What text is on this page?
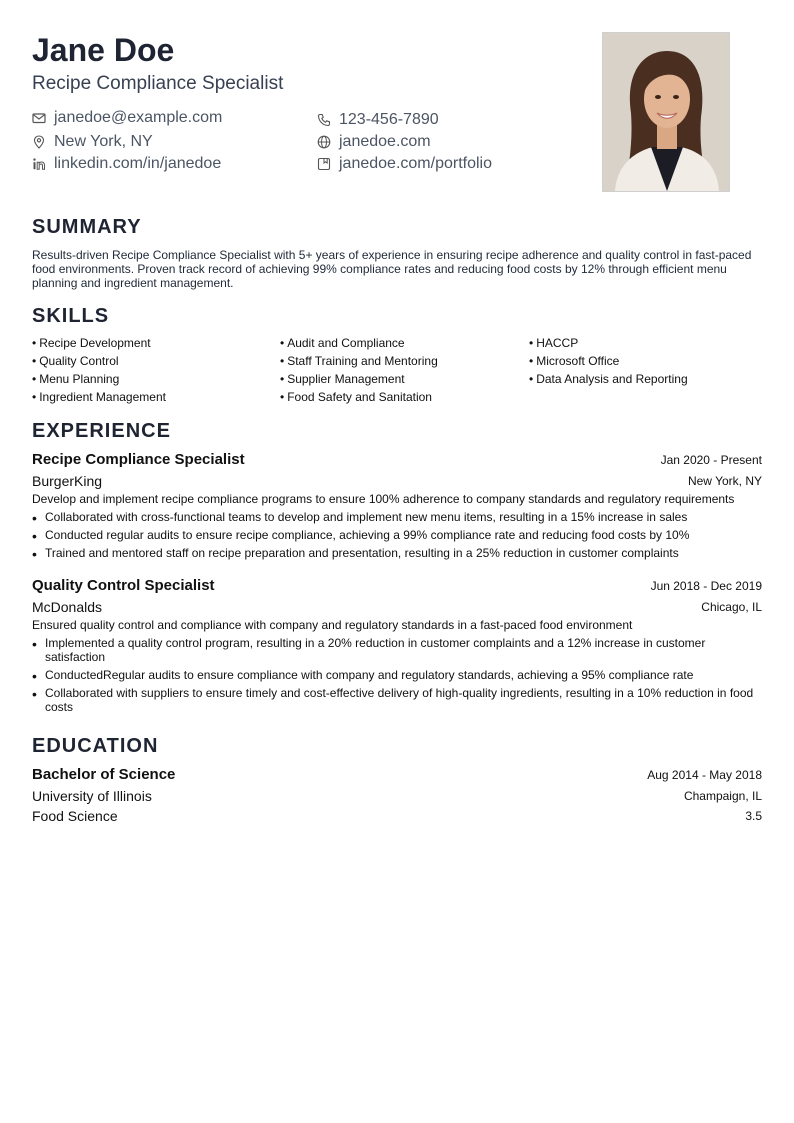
Jane Doe
Recipe Compliance Specialist
janedoe@example.com	123-456-7890
New York, NY	janedoe.com
linkedin.com/in/janedoe	janedoe.com/portfolio
SUMMARY
Results-driven Recipe Compliance Specialist with 5+ years of experience in ensuring recipe adherence and quality control in fast-paced food environments. Proven track record of achieving 99% compliance rates and reducing food costs by 12% through efficient menu planning and ingredient management.
SKILLS
• Recipe Development
• Quality Control
• Menu Planning
• Ingredient Management
• Audit and Compliance
• Staff Training and Mentoring
• Supplier Management
• Food Safety and Sanitation
• HACCP
• Microsoft Office
• Data Analysis and Reporting
EXPERIENCE
Recipe Compliance Specialist	Jan 2020 - Present
BurgerKing	New York, NY
Develop and implement recipe compliance programs to ensure 100% adherence to company standards and regulatory requirements
• Collaborated with cross-functional teams to develop and implement new menu items, resulting in a 15% increase in sales
• Conducted regular audits to ensure recipe compliance, achieving a 99% compliance rate and reducing food costs by 10%
• Trained and mentored staff on recipe preparation and presentation, resulting in a 25% reduction in customer complaints
Quality Control Specialist	Jun 2018 - Dec 2019
McDonalds	Chicago, IL
Ensured quality control and compliance with company and regulatory standards in a fast-paced food environment
• Implemented a quality control program, resulting in a 20% reduction in customer complaints and a 12% increase in customer satisfaction
• ConductedRegular audits to ensure compliance with company and regulatory standards, achieving a 95% compliance rate
• Collaborated with suppliers to ensure timely and cost-effective delivery of high-quality ingredients, resulting in a 10% reduction in food costs
EDUCATION
Bachelor of Science	Aug 2014 - May 2018
University of Illinois	Champaign, IL
Food Science	3.5
